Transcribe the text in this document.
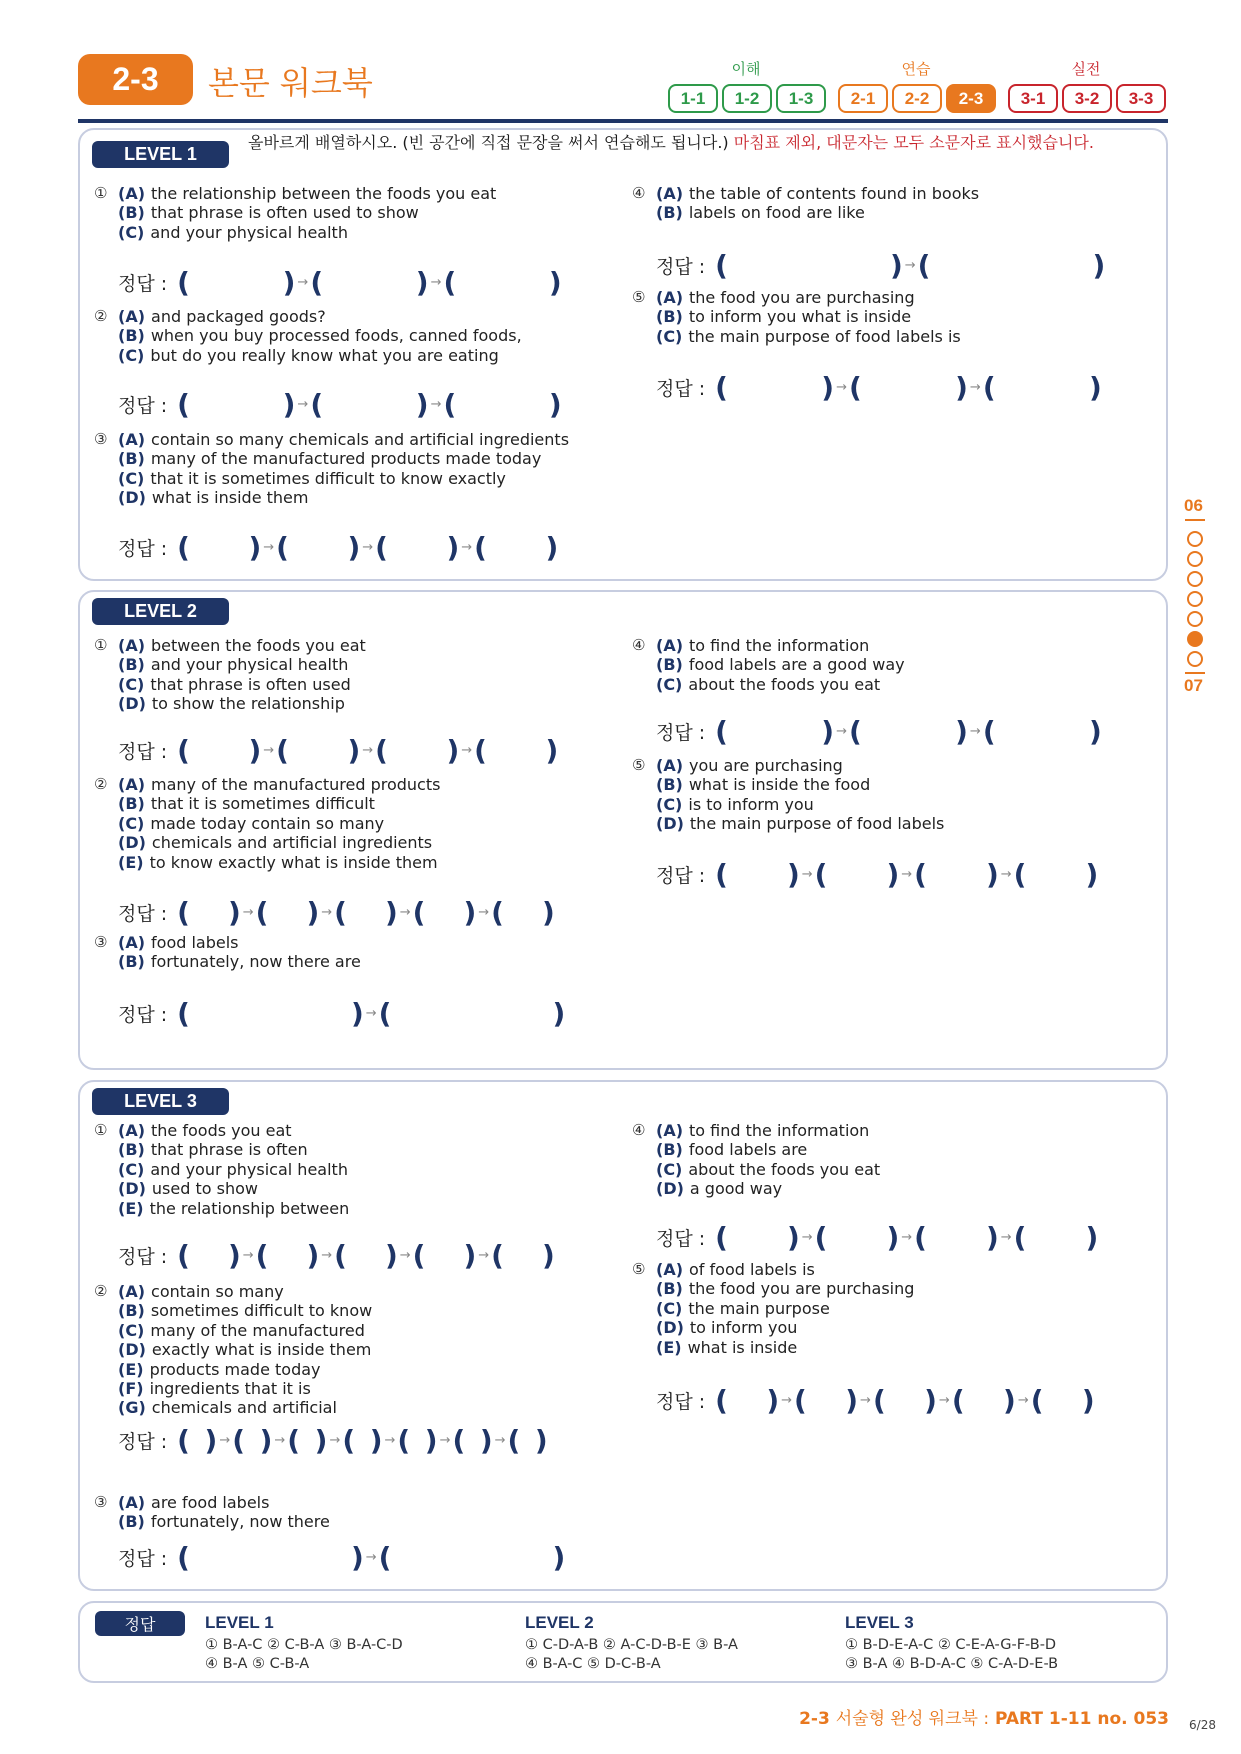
2-3	본문 워크북	이해	연습	실전
1-1	1-2	1-3	2-1	2-2	2-3	3-1	3-2	3-3
LEVEL 1
LEVEL 2
LEVEL 3
올바르게 배열하시오. (빈 공간에 직접 문장을 써서 연습해도 됩니다.) 마침표 제외, 대문자는 모두 소문자로 표시했습니다.
① (A) the relationship between the foods you eat
(B) that phrase is often used to show
(C) and your physical health
정답 : (	) → (	) → (	)
② (A) and packaged goods?
(B) when you buy processed foods, canned foods,
(C) but do you really know what you are eating
정답 : (	) → (	) → (	)
③ (A) contain so many chemicals and artificial ingredients
(B) many of the manufactured products made today
(C) that it is sometimes difficult to know exactly
(D) what is inside them
정답 : ( ) → ( ) → ( ) → ( )
④ (A) the table of contents found in books
(B) labels on food are like
정답 : (	) → (	)
⑤ (A) the food you are purchasing
(B) to inform you what is inside
(C) the main purpose of food labels is
정답 : (	) → (	) → (	)
① (A) between the foods you eat
(B) and your physical health
(C) that phrase is often used
(D) to show the relationship
정답 : ( ) → ( ) → ( ) → ( )
② (A) many of the manufactured products
(B) that it is sometimes difficult
(C) made today contain so many
(D) chemicals and artificial ingredients
(E) to know exactly what is inside them
정답 : ( ) → ( ) → ( ) → ( ) → ( )
③ (A) food labels
(B) fortunately, now there are
정답 : (	) → (	)
④ (A) to find the information
(B) food labels are a good way
(C) about the foods you eat
정답 : (	) → (	) → (	)
⑤ (A) you are purchasing
(B) what is inside the food
(C) is to inform you
(D) the main purpose of food labels
정답 : ( ) → ( ) → ( ) → ( )
① (A) the foods you eat
(B) that phrase is often
(C) and your physical health
(D) used to show
(E) the relationship between
정답 : ( ) → ( ) → ( ) → ( ) → ( )
② (A) contain so many
(B) sometimes difficult to know
(C) many of the manufactured
(D) exactly what is inside them
(E) products made today
(F) ingredients that it is
(G) chemicals and artificial
정답 : ( ) → ( ) → ( ) → ( ) → ( ) → ( ) → ( )
③ (A) are food labels
(B) fortunately, now there
정답 : (	) → (	)
④ (A) to find the information
(B) food labels are
(C) about the foods you eat
(D) a good way
정답 : ( ) → ( ) → ( ) → ( )
⑤ (A) of food labels is
(B) the food you are purchasing
(C) the main purpose
(D) to inform you
(E) what is inside
정답 : ( ) → ( ) → ( ) → ( ) → ( )
06
07
정답	LEVEL 1
① B-A-C ② C-B-A ③ B-A-C-D
④ B-A ⑤ C-B-A
LEVEL 2
① C-D-A-B ② A-C-D-B-E ③ B-A
④ B-A-C ⑤ D-C-B-A
LEVEL 3
① B-D-E-A-C ② C-E-A-G-F-B-D
③ B-A ④ B-D-A-C ⑤ C-A-D-E-B
2-3 서술형 완성 워크북 : PART 1-11 no. 053 6/28
